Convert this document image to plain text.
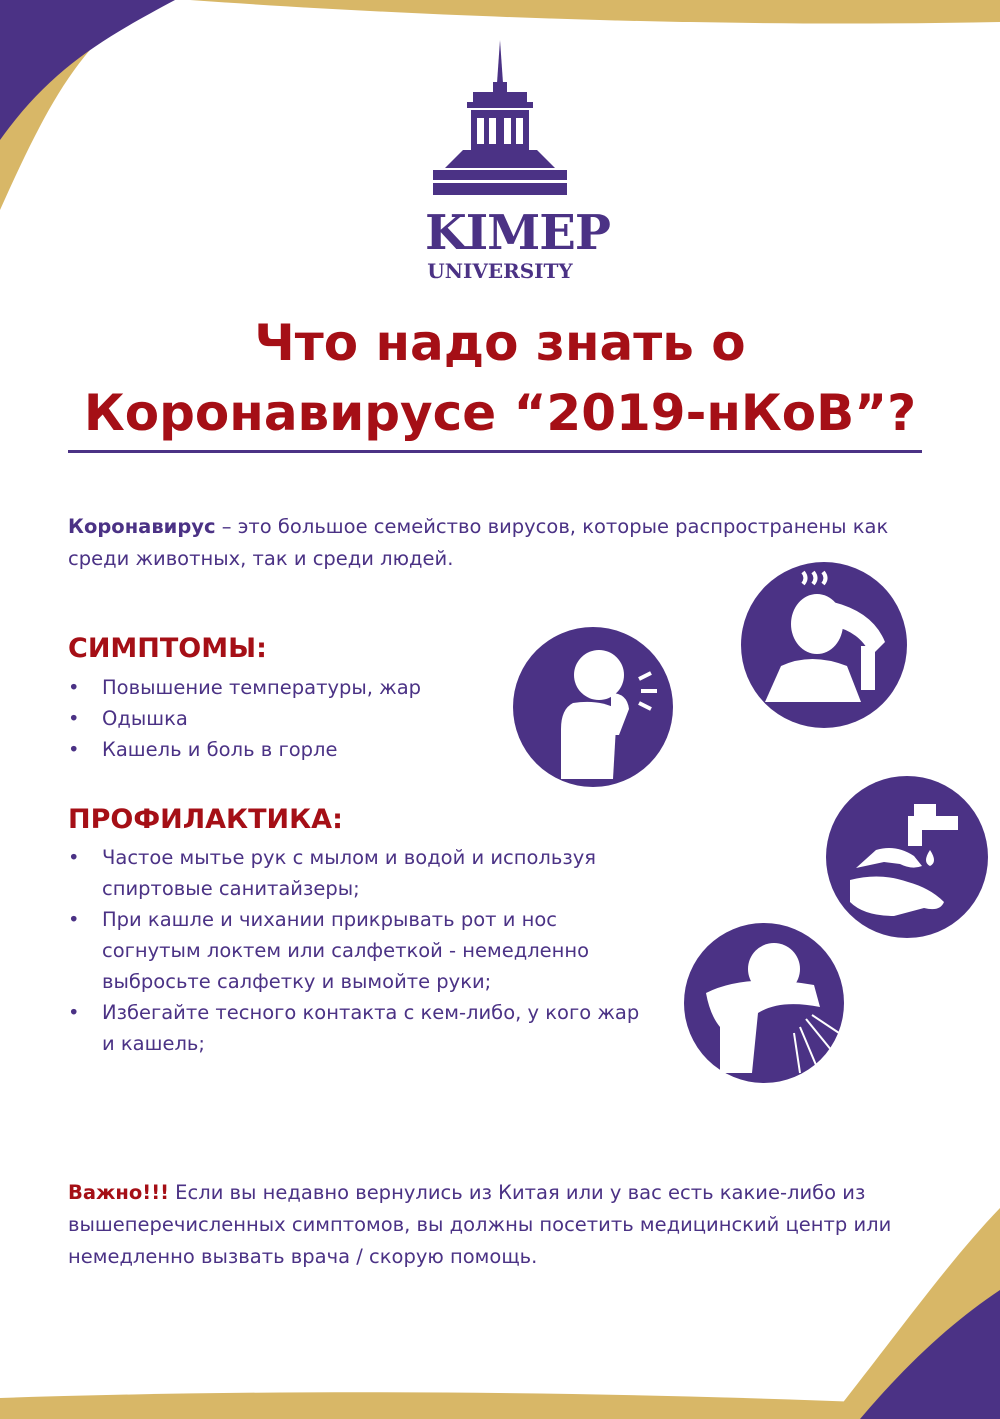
KIMEP
UNIVERSITY
Что надо знать о
Коронавирусе “2019-нКоВ”?

Коронавирус – это большое семейство вирусов, которые распространены как среди животных, так и среди людей.

СИМПТОМЫ:
• Повышение температуры, жар
• Одышка
• Кашель и боль в горле
ПРОФИЛАКТИКА:
• Частое мытье рук с мылом и водой и используя спиртовые санитайзеры;
• При кашле и чихании прикрывать рот и нос согнутым локтем или салфеткой - немедленно выбросьте салфетку и вымойте руки;
• Избегайте тесного контакта с кем-либо, у кого жар и кашель;

Важно!!! Если вы недавно вернулись из Китая или у вас есть какие-либо из вышеперечисленных симптомов, вы должны посетить медицинский центр или немедленно вызвать врача / скорую помощь.
